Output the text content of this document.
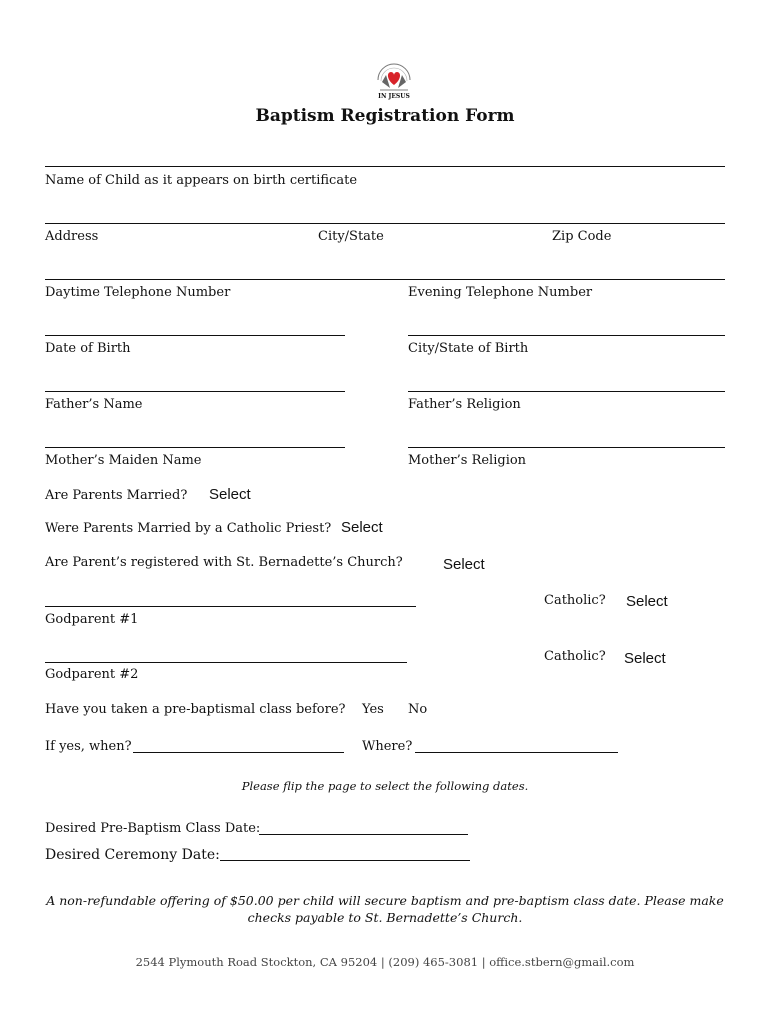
IN JESUS
Baptism Registration Form
Name of Child as it appears on birth certificate
Address	City/State	Zip Code
Daytime Telephone Number	Evening Telephone Number
Date of Birth	City/State of Birth
Father’s Name	Father’s Religion
Mother’s Maiden Name	Mother’s Religion
Are Parents Married? Select
Were Parents Married by a Catholic Priest? Select
Are Parent’s registered with St. Bernadette’s Church?	Select
Godparent #1
Catholic? Select
Godparent #2
Catholic? Select
Have you taken a pre-baptismal class before? Yes No
If yes, when?	Where?
Please flip the page to select the following dates.
Desired Pre-Baptism Class Date:
Desired Ceremony Date:
A non-refundable offering of $50.00 per child will secure baptism and pre-baptism class date. Please make
checks payable to St. Bernadette’s Church.
2544 Plymouth Road Stockton, CA 95204 | (209) 465-3081 | office.stbern@gmail.com
